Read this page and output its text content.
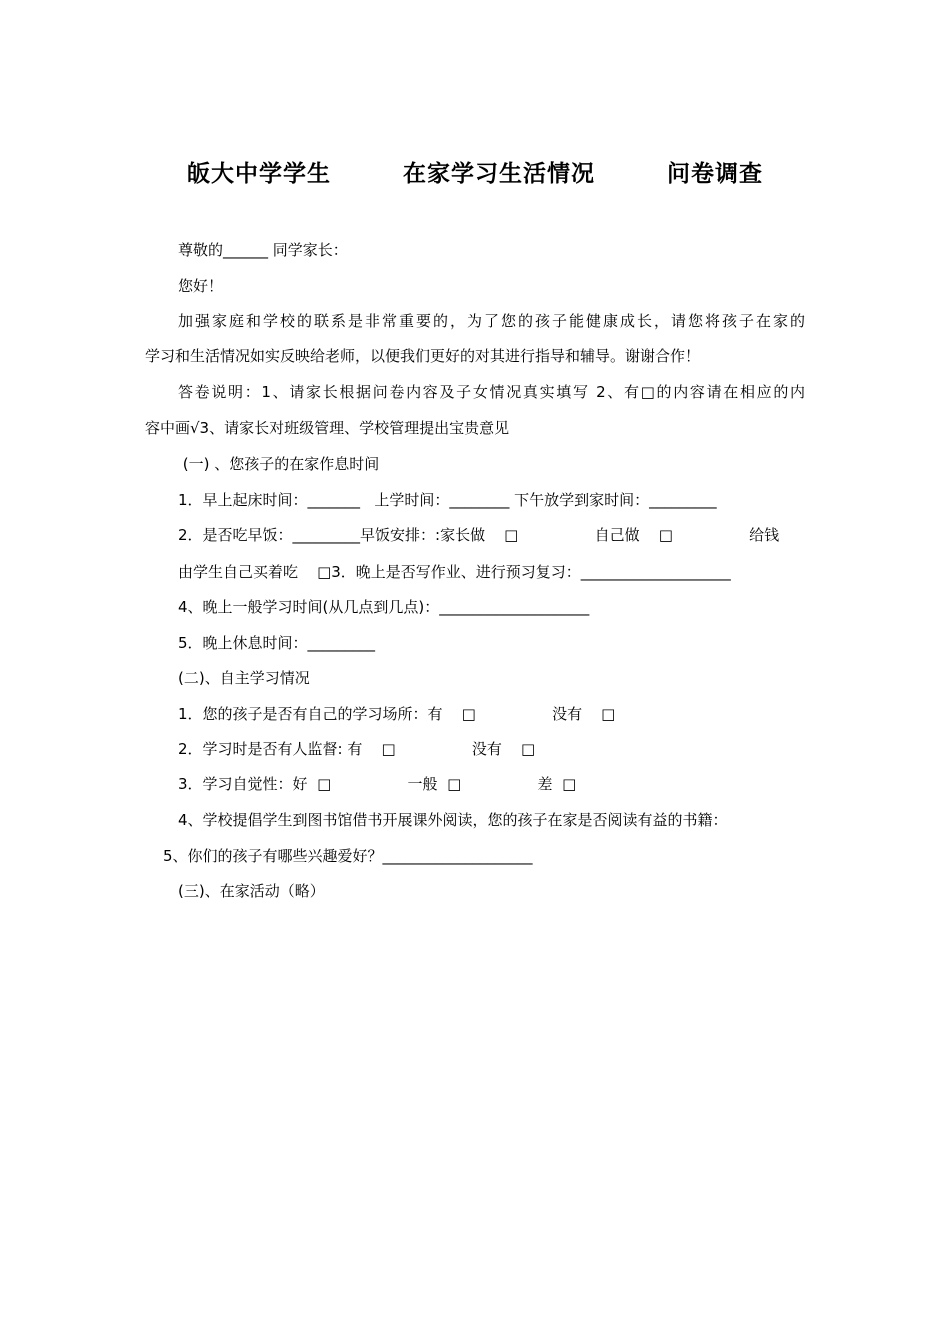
皈大中学学生        在家学习生活情况        问卷调查
尊敬的______ 同学家长：
您好！
加强家庭和学校的联系是非常重要的，为了您的孩子能健康成长，请您将孩子在家的
学习和生活情况如实反映给老师，以便我们更好的对其进行指导和辅导。谢谢合作！
答卷说明：1、请家长根据问卷内容及子女情况真实填写 2、有□的内容请在相应的内
容中画√3、请家长对班级管理、学校管理提出宝贵意见
(一) 、您孩子的在家作息时间
1．早上起床时间：_______   上学时间：________ 下午放学到家时间：_________
2．是否吃早饭：_________早饭安排：:家长做    □                自己做    □                给钱
由学生自己买着吃    □3．晚上是否写作业、进行预习复习：____________________
4、晚上一般学习时间(从几点到几点)：____________________
5．晚上休息时间：_________
(二)、自主学习情况
1．您的孩子是否有自己的学习场所：有    □                没有    □
2．学习时是否有人监督: 有    □                没有    □
3．学习自觉性：好  □                一般  □                差  □
4、学校提倡学生到图书馆借书开展课外阅读，您的孩子在家是否阅读有益的书籍：
5、你们的孩子有哪些兴趣爱好？____________________
(三)、在家活动（略）
